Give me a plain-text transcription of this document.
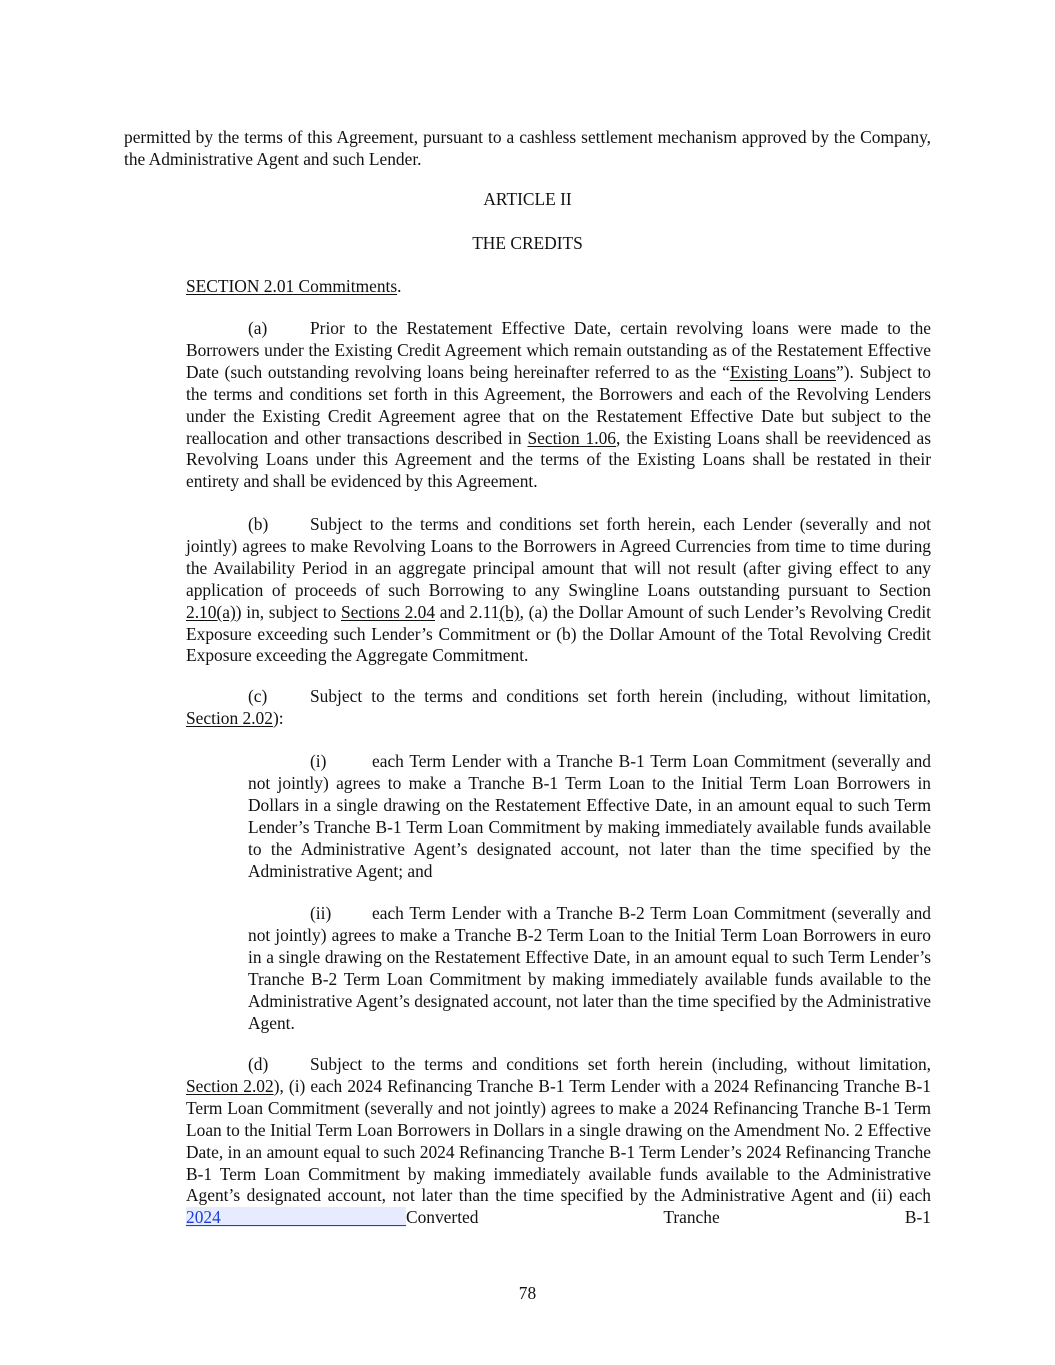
permitted by the terms of this Agreement, pursuant to a cashless settlement mechanism approved by the Company, the Administrative Agent and such Lender.

ARTICLE II

THE CREDITS

SECTION 2.01 Commitments.

(a) Prior to the Restatement Effective Date, certain revolving loans were made to the Borrowers under the Existing Credit Agreement which remain outstanding as of the Restatement Effective Date (such outstanding revolving loans being hereinafter referred to as the “Existing Loans”). Subject to the terms and conditions set forth in this Agreement, the Borrowers and each of the Revolving Lenders under the Existing Credit Agreement agree that on the Restatement Effective Date but subject to the reallocation and other transactions described in Section 1.06, the Existing Loans shall be reevidenced as Revolving Loans under this Agreement and the terms of the Existing Loans shall be restated in their entirety and shall be evidenced by this Agreement.

(b) Subject to the terms and conditions set forth herein, each Lender (severally and not jointly) agrees to make Revolving Loans to the Borrowers in Agreed Currencies from time to time during the Availability Period in an aggregate principal amount that will not result (after giving effect to any application of proceeds of such Borrowing to any Swingline Loans outstanding pursuant to Section 2.10(a)) in, subject to Sections 2.04 and 2.11(b), (a) the Dollar Amount of such Lender’s Revolving Credit Exposure exceeding such Lender’s Commitment or (b) the Dollar Amount of the Total Revolving Credit Exposure exceeding the Aggregate Commitment.

(c) Subject to the terms and conditions set forth herein (including, without limitation, Section 2.02):

(i)	each Term Lender with a Tranche B-1 Term Loan Commitment (severally and not jointly) agrees to make a Tranche B-1 Term Loan to the Initial Term Loan Borrowers in Dollars in a single drawing on the Restatement Effective Date, in an amount equal to such Term Lender’s Tranche B-1 Term Loan Commitment by making immediately available funds available to the Administrative Agent’s designated account, not later than the time specified by the Administrative Agent; and

(ii) each Term Lender with a Tranche B-2 Term Loan Commitment (severally and not jointly) agrees to make a Tranche B-2 Term Loan to the Initial Term Loan Borrowers in euro in a single drawing on the Restatement Effective Date, in an amount equal to such Term Lender’s Tranche B-2 Term Loan Commitment by making immediately available funds available to the Administrative Agent’s designated account, not later than the time specified by the Administrative Agent.

(d) Subject to the terms and conditions set forth herein (including, without limitation, Section 2.02), (i) each 2024 Refinancing Tranche B-1 Term Lender with a 2024 Refinancing Tranche B-1 Term Loan Commitment (severally and not jointly) agrees to make a 2024 Refinancing Tranche B-1 Term Loan to the Initial Term Loan Borrowers in Dollars in a single drawing on the Amendment No. 2 Effective Date, in an amount equal to such 2024 Refinancing Tranche B-1 Term Lender’s 2024 Refinancing Tranche B-1 Term Loan Commitment by making immediately available funds available to the Administrative Agent’s designated account, not later than the time specified by the Administrative Agent and (ii) each 2024 Converted Tranche B-1

78
